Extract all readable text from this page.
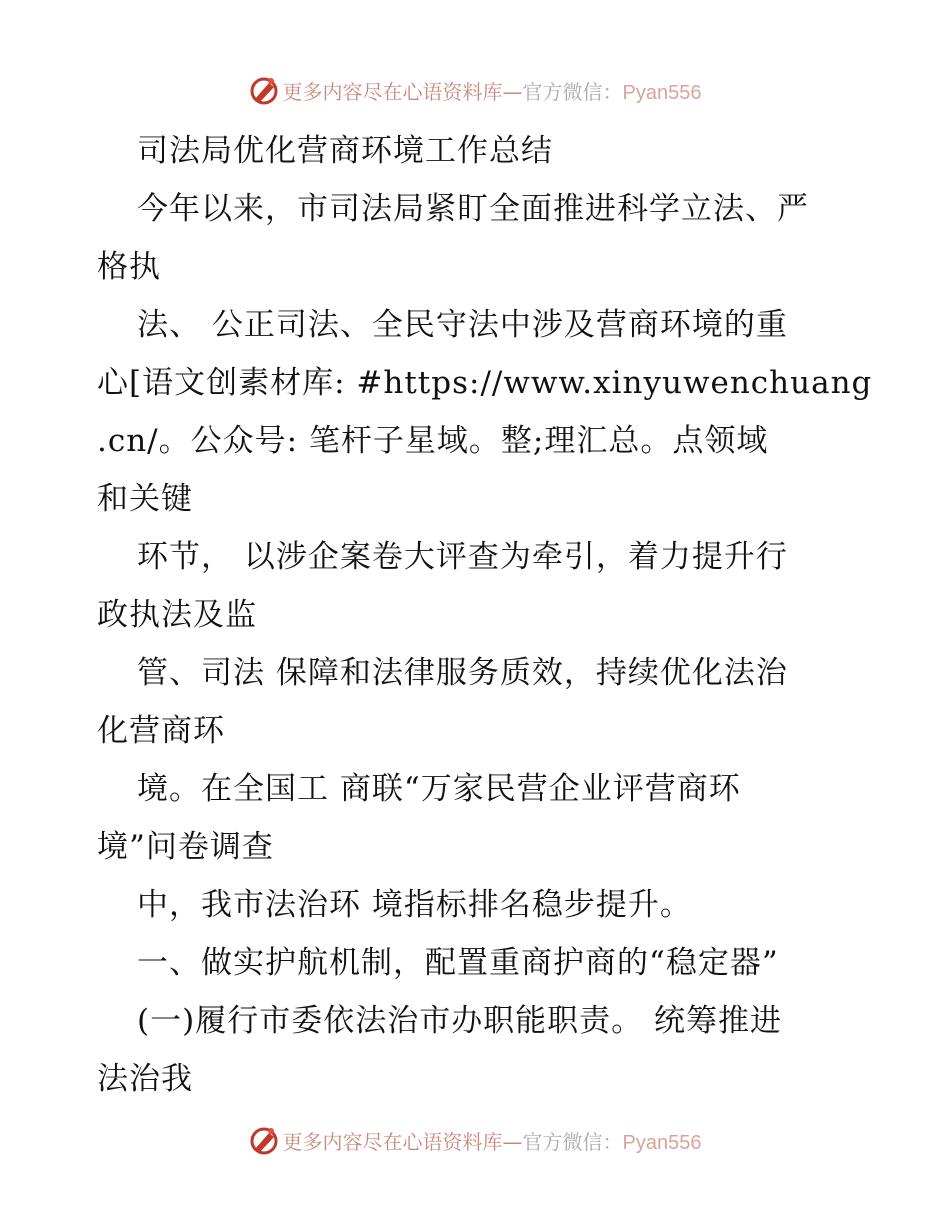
更多内容尽在心语资料库—官方微信：Pyan556
司法局优化营商环境工作总结
今年以来，市司法局紧盯全面推进科学立法、严
格执
法、 公正司法、全民守法中涉及营商环境的重
心[语文创素材库: #https://www.xinyuwenchuang
.cn/。公众号: 笔杆子星域。整;理汇总。点领域
和关键
环节， 以涉企案卷大评查为牵引，着力提升行
政执法及监
管、司法 保障和法律服务质效，持续优化法治
化营商环
境。在全国工 商联“万家民营企业评营商环
境”问卷调查
中，我市法治环 境指标排名稳步提升。
一、做实护航机制，配置重商护商的“稳定器”
(一)履行市委依法治市办职能职责。 统筹推进
法治我
更多内容尽在心语资料库—官方微信：Pyan556
